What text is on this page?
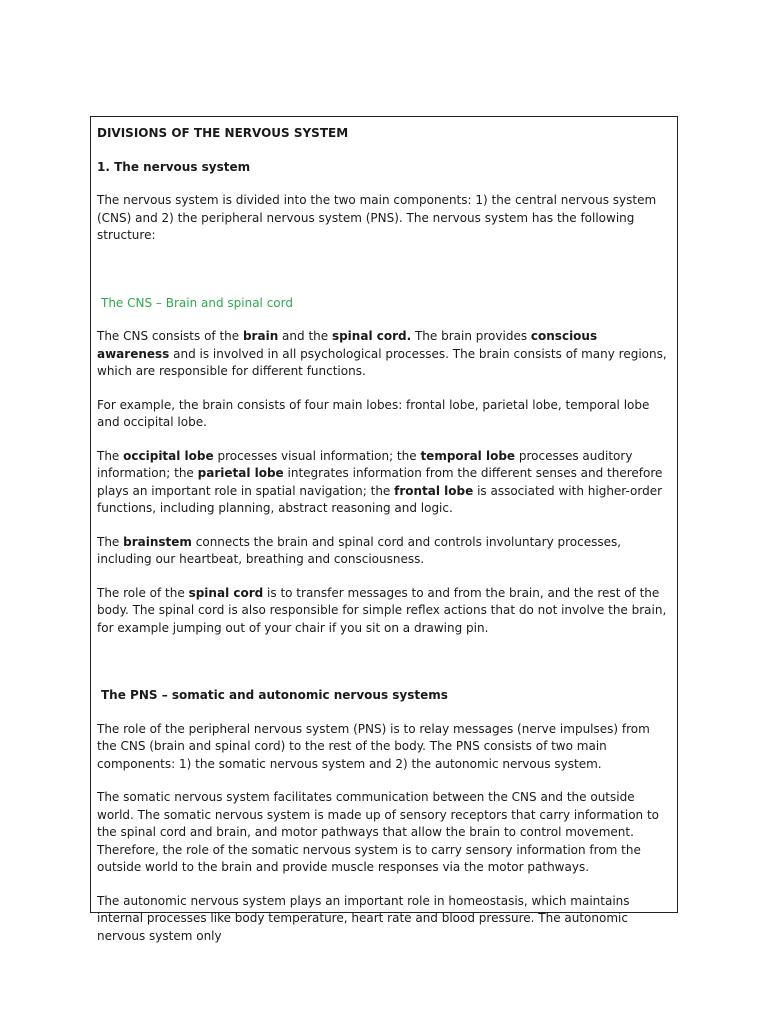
DIVISIONS OF THE NERVOUS SYSTEM

1. The nervous system

The nervous system is divided into the two main components: 1) the central nervous system (CNS) and 2) the peripheral nervous system (PNS). The nervous system has the following structure:

The CNS – Brain and spinal cord

The CNS consists of the brain and the spinal cord. The brain provides conscious awareness and is involved in all psychological processes. The brain consists of many regions, which are responsible for different functions.

For example, the brain consists of four main lobes: frontal lobe, parietal lobe, temporal lobe and occipital lobe.

The occipital lobe processes visual information; the temporal lobe processes auditory information; the parietal lobe integrates information from the different senses and therefore plays an important role in spatial navigation; the frontal lobe is associated with higher-order functions, including planning, abstract reasoning and logic.

The brainstem connects the brain and spinal cord and controls involuntary processes, including our heartbeat, breathing and consciousness.

The role of the spinal cord is to transfer messages to and from the brain, and the rest of the body. The spinal cord is also responsible for simple reflex actions that do not involve the brain, for example jumping out of your chair if you sit on a drawing pin.

The PNS – somatic and autonomic nervous systems

The role of the peripheral nervous system (PNS) is to relay messages (nerve impulses) from the CNS (brain and spinal cord) to the rest of the body. The PNS consists of two main components: 1) the somatic nervous system and 2) the autonomic nervous system.

The somatic nervous system facilitates communication between the CNS and the outside world. The somatic nervous system is made up of sensory receptors that carry information to the spinal cord and brain, and motor pathways that allow the brain to control movement. Therefore, the role of the somatic nervous system is to carry sensory information from the outside world to the brain and provide muscle responses via the motor pathways.

The autonomic nervous system plays an important role in homeostasis, which maintains internal processes like body temperature, heart rate and blood pressure. The autonomic nervous system only
